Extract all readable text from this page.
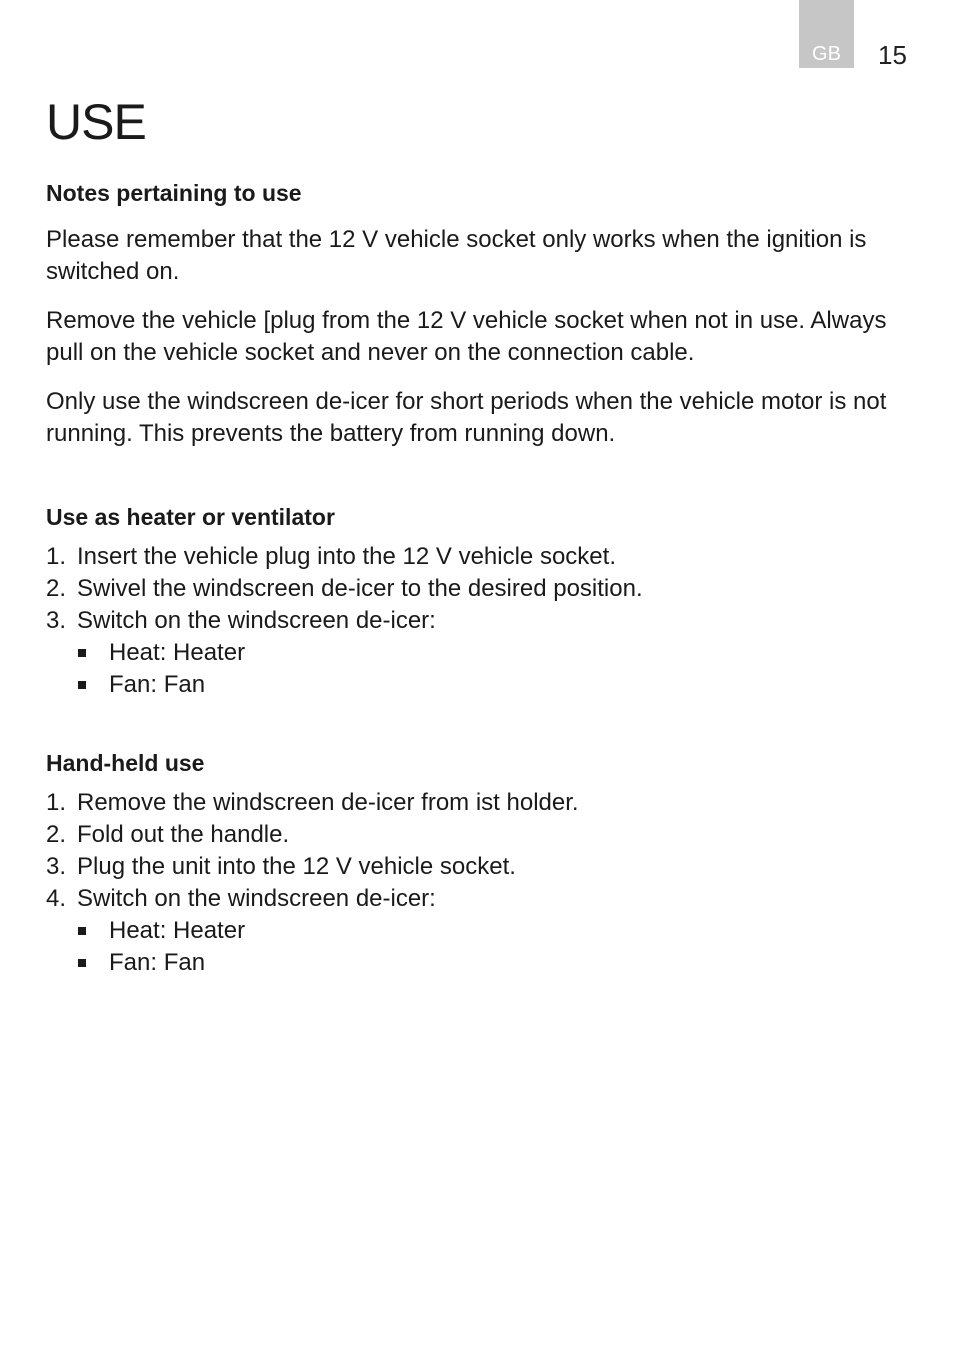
GB	15
USE
Notes pertaining to use

Please remember that the 12 V vehicle socket only works when the ignition is switched on.

Remove the vehicle [plug from the 12 V vehicle socket when not in use. Always pull on the vehicle socket and never on the connection cable.

Only use the windscreen de-icer for short periods when the vehicle motor is not running. This prevents the battery from running down.

Use as heater or ventilator
1. Insert the vehicle plug into the 12 V vehicle socket.
2. Swivel the windscreen de-icer to the desired position.
3. Switch on the windscreen de-icer:
Heat: Heater
Fan: Fan
Hand-held use
1. Remove the windscreen de-icer from ist holder.
2. Fold out the handle.
3. Plug the unit into the 12 V vehicle socket.
4. Switch on the windscreen de-icer:
Heat: Heater
Fan: Fan
